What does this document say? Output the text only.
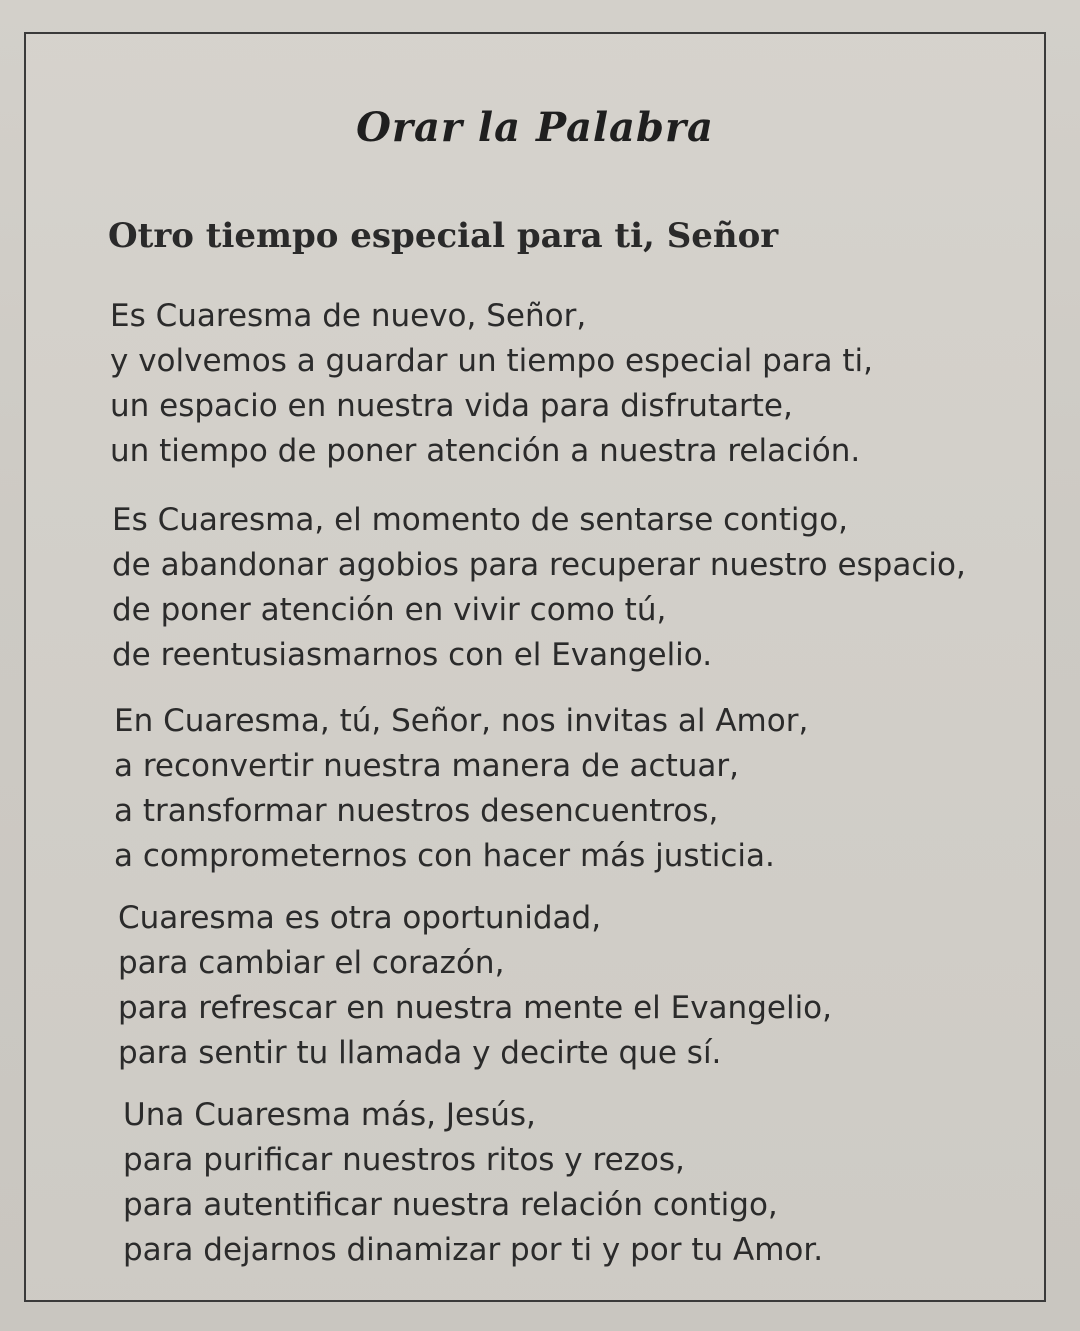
Orar la Palabra
Otro tiempo especial para ti, Señor
Es Cuaresma de nuevo, Señor,
y volvemos a guardar un tiempo especial para ti,
un espacio en nuestra vida para disfrutarte,
un tiempo de poner atención a nuestra relación.
Es Cuaresma, el momento de sentarse contigo,
de abandonar agobios para recuperar nuestro espacio,
de poner atención en vivir como tú,
de reentusiasmarnos con el Evangelio.
En Cuaresma, tú, Señor, nos invitas al Amor,
a reconvertir nuestra manera de actuar,
a transformar nuestros desencuentros,
a comprometernos con hacer más justicia.
Cuaresma es otra oportunidad,
para cambiar el corazón,
para refrescar en nuestra mente el Evangelio,
para sentir tu llamada y decirte que sí.
Una Cuaresma más, Jesús,
para purificar nuestros ritos y rezos,
para autentificar nuestra relación contigo,
para dejarnos dinamizar por ti y por tu Amor.
